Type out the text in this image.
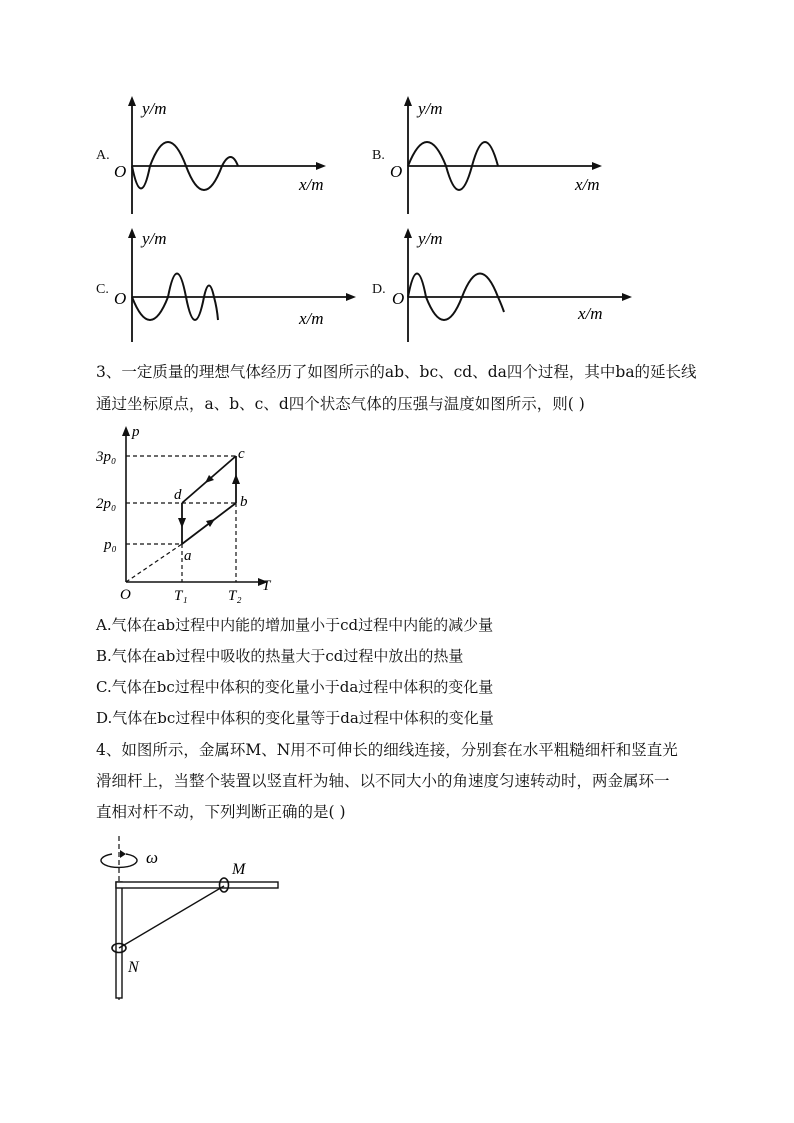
A.
O
y/m
x/m
B.
O
y/m
x/m
C. O
y/m
x/m
D. O
y/m
x/m
3、一定质量的理想气体经历了如图所示的ab、bc、cd、da四个过程，其中ba的延长线
通过坐标原点，a、b、c、d四个状态气体的压强与温度如图所示，则( )
p
T
O
3p₀
2p₀
p₀
T₁	T₂
a
b
c
d
A.气体在ab过程中内能的增加量小于cd过程中内能的减少量
B.气体在ab过程中吸收的热量大于cd过程中放出的热量
C.气体在bc过程中体积的变化量小于da过程中体积的变化量
D.气体在bc过程中体积的变化量等于da过程中体积的变化量
4、如图所示，金属环M、N用不可伸长的细线连接，分别套在水平粗糙细杆和竖直光
滑细杆上，当整个装置以竖直杆为轴、以不同大小的角速度匀速转动时，两金属环一
直相对杆不动，下列判断正确的是( )
ω
M
N
